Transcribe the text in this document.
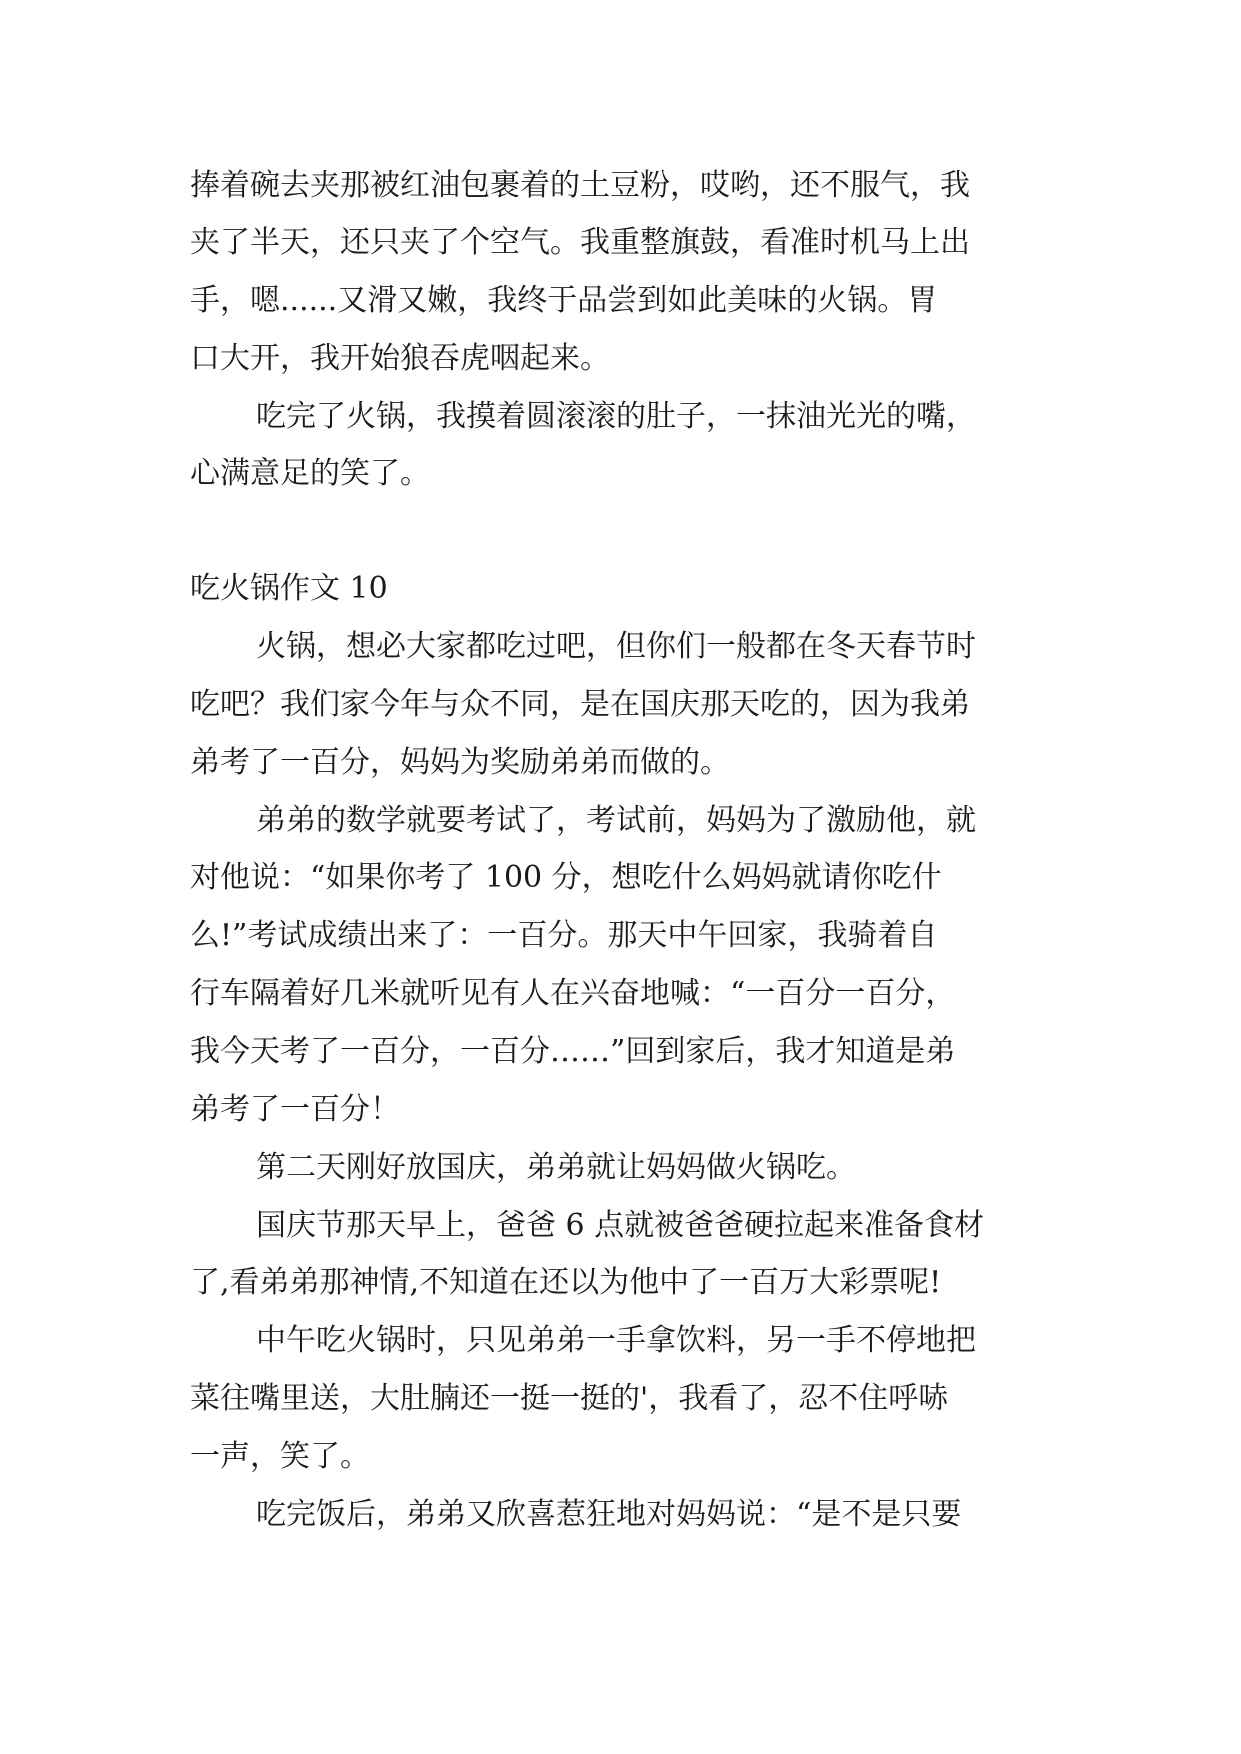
捧着碗去夹那被红油包裹着的土豆粉，哎哟，还不服气，我
夹了半天，还只夹了个空气。我重整旗鼓，看准时机马上出
手，嗯......又滑又嫩，我终于品尝到如此美味的火锅。胃
口大开，我开始狼吞虎咽起来。
吃完了火锅，我摸着圆滚滚的肚子，一抹油光光的嘴，
心满意足的笑了。
吃火锅作文 10
火锅，想必大家都吃过吧，但你们一般都在冬天春节时
吃吧？我们家今年与众不同，是在国庆那天吃的，因为我弟
弟考了一百分，妈妈为奖励弟弟而做的。
弟弟的数学就要考试了，考试前，妈妈为了激励他，就
对他说：“如果你考了 100 分，想吃什么妈妈就请你吃什
么!”考试成绩出来了：一百分。那天中午回家，我骑着自
行车隔着好几米就听见有人在兴奋地喊：“一百分一百分，
我今天考了一百分，一百分……”回到家后，我才知道是弟
弟考了一百分！
第二天刚好放国庆，弟弟就让妈妈做火锅吃。
国庆节那天早上，爸爸 6 点就被爸爸硬拉起来准备食材
了,看弟弟那神情,不知道在还以为他中了一百万大彩票呢!
中午吃火锅时，只见弟弟一手拿饮料，另一手不停地把
菜往嘴里送，大肚腩还一挺一挺的'，我看了，忍不住呼哧
一声，笑了。
吃完饭后，弟弟又欣喜惹狂地对妈妈说：“是不是只要
